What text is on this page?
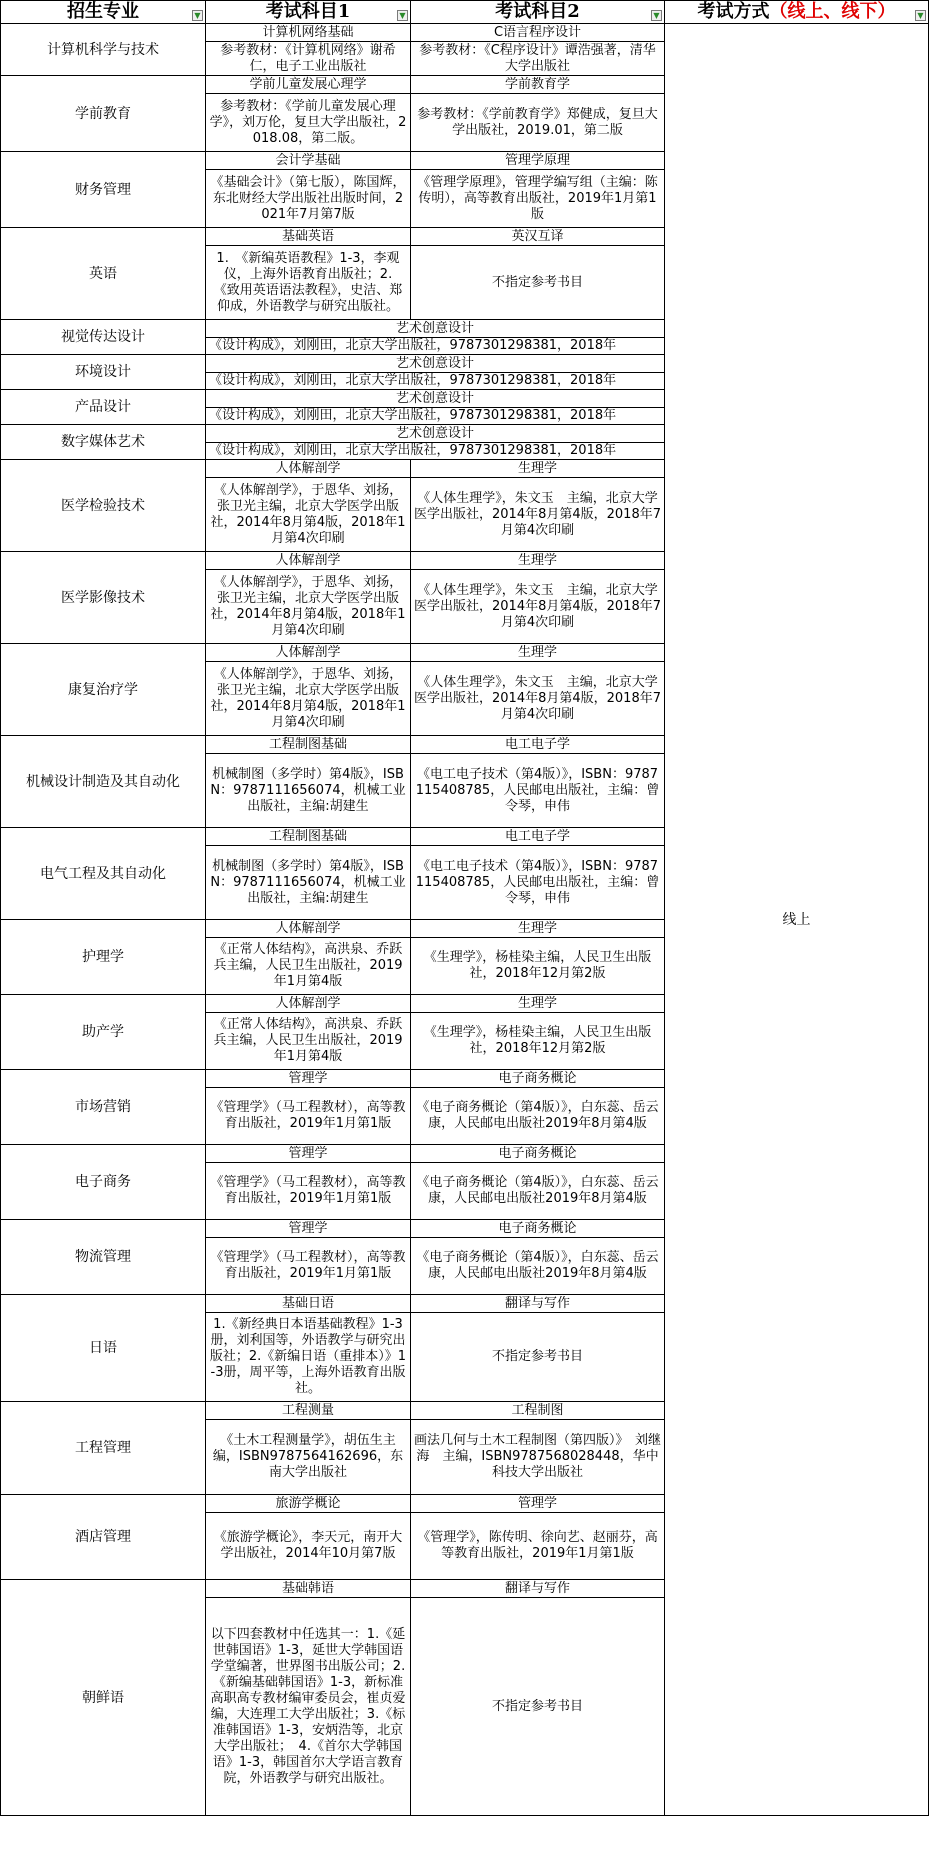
招生专业 ▼	考试科目1 ▼	考试科目2 ▼	考试方式（线上、线下） ▼

计算机科学与技术	计算机网络基础	C语言程序设计	线上
	参考教材：《计算机网络》谢希仁，电子工业出版社	参考教材：《C程序设计》谭浩强著，清华大学出版社	
学前教育	学前儿童发展心理学	学前教育学	
	参考教材：《学前儿童发展心理学》，刘万伦，复旦大学出版社，2018.08，第二版。	参考教材：《学前教育学》郑健成，复旦大学出版社，2019.01，第二版	
财务管理	会计学基础	管理学原理	
	《基础会计》（第七版），陈国辉，东北财经大学出版社出版时间，2021年7月第7版	《管理学原理》，管理学编写组（主编：陈传明），高等教育出版社，2019年1月第1版	
英语	基础英语	英汉互译	
	1.　《新编英语教程》1-3，李观仪，上海外语教育出版社；2.　《致用英语语法教程》，史洁、郑仰成，外语教学与研究出版社。	不指定参考书目	
视觉传达设计	艺术创意设计		
	《设计构成》，刘刚田，北京大学出版社，9787301298381，2018年		
环境设计	艺术创意设计		
	《设计构成》，刘刚田，北京大学出版社，9787301298381，2018年		
产品设计	艺术创意设计		
	《设计构成》，刘刚田，北京大学出版社，9787301298381，2018年		
数字媒体艺术	艺术创意设计		
	《设计构成》，刘刚田，北京大学出版社，9787301298381，2018年		
医学检验技术	人体解剖学	生理学	
	《人体解剖学》，于恩华、刘扬，张卫光主编，北京大学医学出版社，2014年8月第4版，2018年1月第4次印刷	《人体生理学》，朱文玉　主编，北京大学医学出版社，2014年8月第4版，2018年7月第4次印刷	
医学影像技术	人体解剖学	生理学	
	《人体解剖学》，于恩华、刘扬，张卫光主编，北京大学医学出版社，2014年8月第4版，2018年1月第4次印刷	《人体生理学》，朱文玉　主编，北京大学医学出版社，2014年8月第4版，2018年7月第4次印刷	
康复治疗学	人体解剖学	生理学	
	《人体解剖学》，于恩华、刘扬，张卫光主编，北京大学医学出版社，2014年8月第4版，2018年1月第4次印刷	《人体生理学》，朱文玉　主编，北京大学医学出版社，2014年8月第4版，2018年7月第4次印刷	
机械设计制造及其自动化	工程制图基础	电工电子学	
	机械制图（多学时）第4版》，ISBN：9787111656074，机械工业出版社，主编:胡建生	《电工电子技术（第4版）》，ISBN：9787115408785，人民邮电出版社，主编：曾令琴，申伟	
电气工程及其自动化	工程制图基础	电工电子学	
	机械制图（多学时）第4版》，ISBN：9787111656074，机械工业出版社，主编:胡建生	《电工电子技术（第4版）》，ISBN：9787115408785，人民邮电出版社，主编：曾令琴，申伟	
护理学	人体解剖学	生理学	
	《正常人体结构》，高洪泉、乔跃兵主编，人民卫生出版社，2019年1月第4版	《生理学》，杨桂染主编，人民卫生出版社，2018年12月第2版	
助产学	人体解剖学	生理学	
	《正常人体结构》，高洪泉、乔跃兵主编，人民卫生出版社，2019年1月第4版	《生理学》，杨桂染主编，人民卫生出版社，2018年12月第2版	
市场营销	管理学	电子商务概论	
	《管理学》（马工程教材），高等教育出版社，2019年1月第1版	《电子商务概论（第4版）》，白东蕊、岳云康，人民邮电出版社2019年8月第4版	
电子商务	管理学	电子商务概论	
	《管理学》（马工程教材），高等教育出版社，2019年1月第1版	《电子商务概论（第4版）》，白东蕊、岳云康，人民邮电出版社2019年8月第4版	
物流管理	管理学	电子商务概论	
	《管理学》（马工程教材），高等教育出版社，2019年1月第1版	《电子商务概论（第4版）》，白东蕊、岳云康，人民邮电出版社2019年8月第4版	
日语	基础日语	翻译与写作	
	1.《新经典日本语基础教程》1-3册，刘利国等，外语教学与研究出版社；2.《新编日语（重排本）》1-3册，周平等，上海外语教育出版社。	不指定参考书目	
工程管理	工程测量	工程制图	
	《土木工程测量学》，胡伍生主编，ISBN9787564162696，东南大学出版社	画法几何与土木工程制图（第四版）》　刘继海　主编，ISBN9787568028448，华中科技大学出版社	
酒店管理	旅游学概论	管理学	
	《旅游学概论》，李天元，南开大学出版社，2014年10月第7版	《管理学》，陈传明、徐向艺、赵丽芬，高等教育出版社，2019年1月第1版	
朝鲜语	基础韩语	翻译与写作	
	以下四套教材中任选其一：1.《延世韩国语》1-3，延世大学韩国语学堂编著，世界图书出版公司；2.《新编基础韩国语》1-3，新标准高职高专教材编审委员会，崔贞爱编，大连理工大学出版社；3.《标准韩国语》1-3，安炳浩等，北京大学出版社；　4.《首尔大学韩国语》1-3，韩国首尔大学语言教育院，外语教学与研究出版社。	不指定参考书目	
